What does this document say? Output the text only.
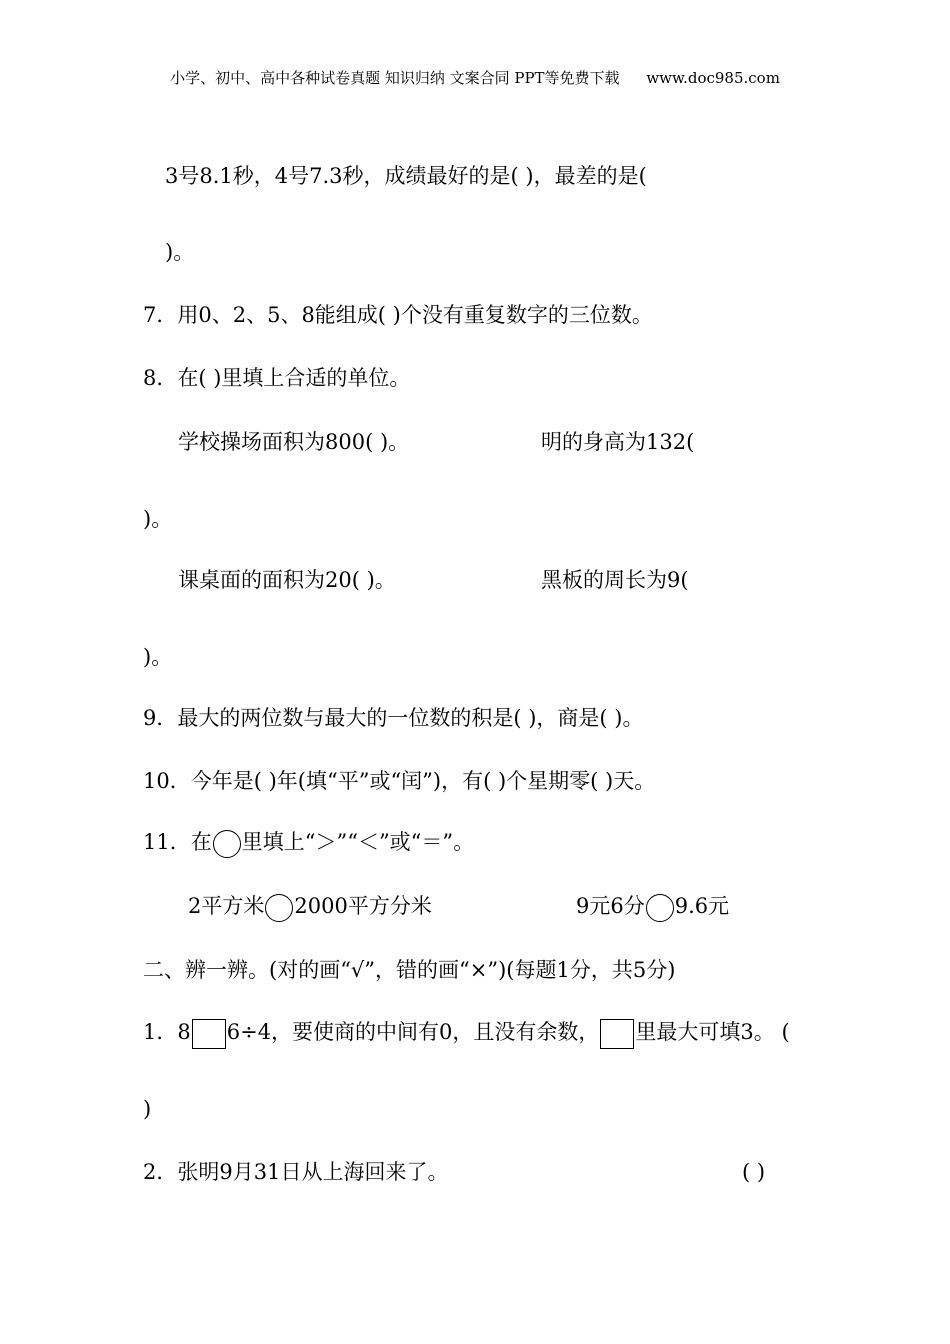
小学、初中、高中各种试卷真题 知识归纳 文案合同 PPT等免费下载 www.doc985.com
3号8.1秒，4号7.3秒，成绩最好的是( )，最差的是(
)。
7．用0、2、5、8能组成( )个没有重复数字的三位数。
8．在( )里填上合适的单位。
学校操场面积为800( )。	明的身高为132(
)。
课桌面的面积为20( )。	黑板的周长为9(
)。
9．最大的两位数与最大的一位数的积是( )，商是( )。
10．今年是( )年(填“平”或“闰”)，有( )个星期零( )天。
11．在 里填上“＞”“＜”或“＝”。
2平方米 2000平方分米	9元6分 9.6元
二、辨一辨。(对的画“√”，错的画“×”)(每题1分，共5分)
1．8 6÷4，要使商的中间有0，且没有余数， 里最大可填3。 (
)
2．张明9月31日从上海回来了。	( )
